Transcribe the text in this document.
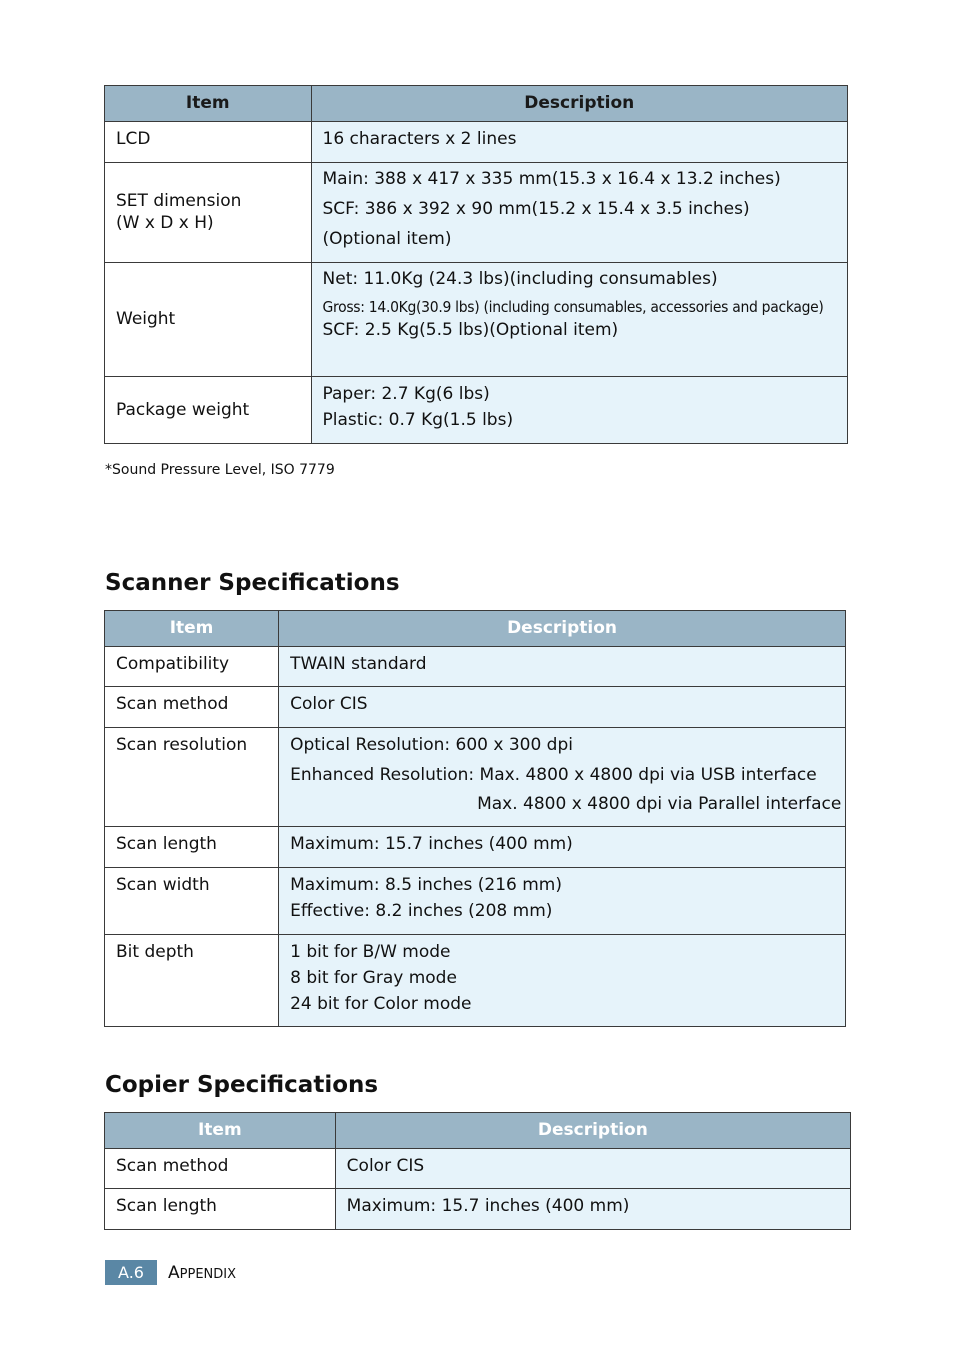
Item	Description

LCD	16 characters x 2 lines

SET dimension
(W x D x H)	Main: 388 x 417 x 335 mm(15.3 x 16.4 x 13.2 inches)
SCF: 386 x 392 x 90 mm(15.2 x 15.4 x 3.5 inches)
(Optional item)

Weight	Net: 11.0Kg (24.3 lbs)(including consumables)
Gross: 14.0Kg(30.9 lbs) (including consumables, accessories and package)
SCF: 2.5 Kg(5.5 lbs)(Optional item)

Package weight	Paper: 2.7 Kg(6 lbs)
Plastic: 0.7 Kg(1.5 lbs)
*Sound Pressure Level, ISO 7779
Scanner Specifications
Item	Description

Compatibility	TWAIN standard

Scan method	Color CIS

Scan resolution	Optical Resolution: 600 x 300 dpi
Enhanced Resolution: Max. 4800 x 4800 dpi via USB interface
Max. 4800 x 4800 dpi via Parallel interface

Scan length	Maximum: 15.7 inches (400 mm)

Scan width	Maximum: 8.5 inches (216 mm)
Effective: 8.2 inches (208 mm)

Bit depth	1 bit for B/W mode
8 bit for Gray mode
24 bit for Color mode
Copier Specifications
Item	Description

Scan method	Color CIS

Scan length	Maximum: 15.7 inches (400 mm)
A.6	APPENDIX
